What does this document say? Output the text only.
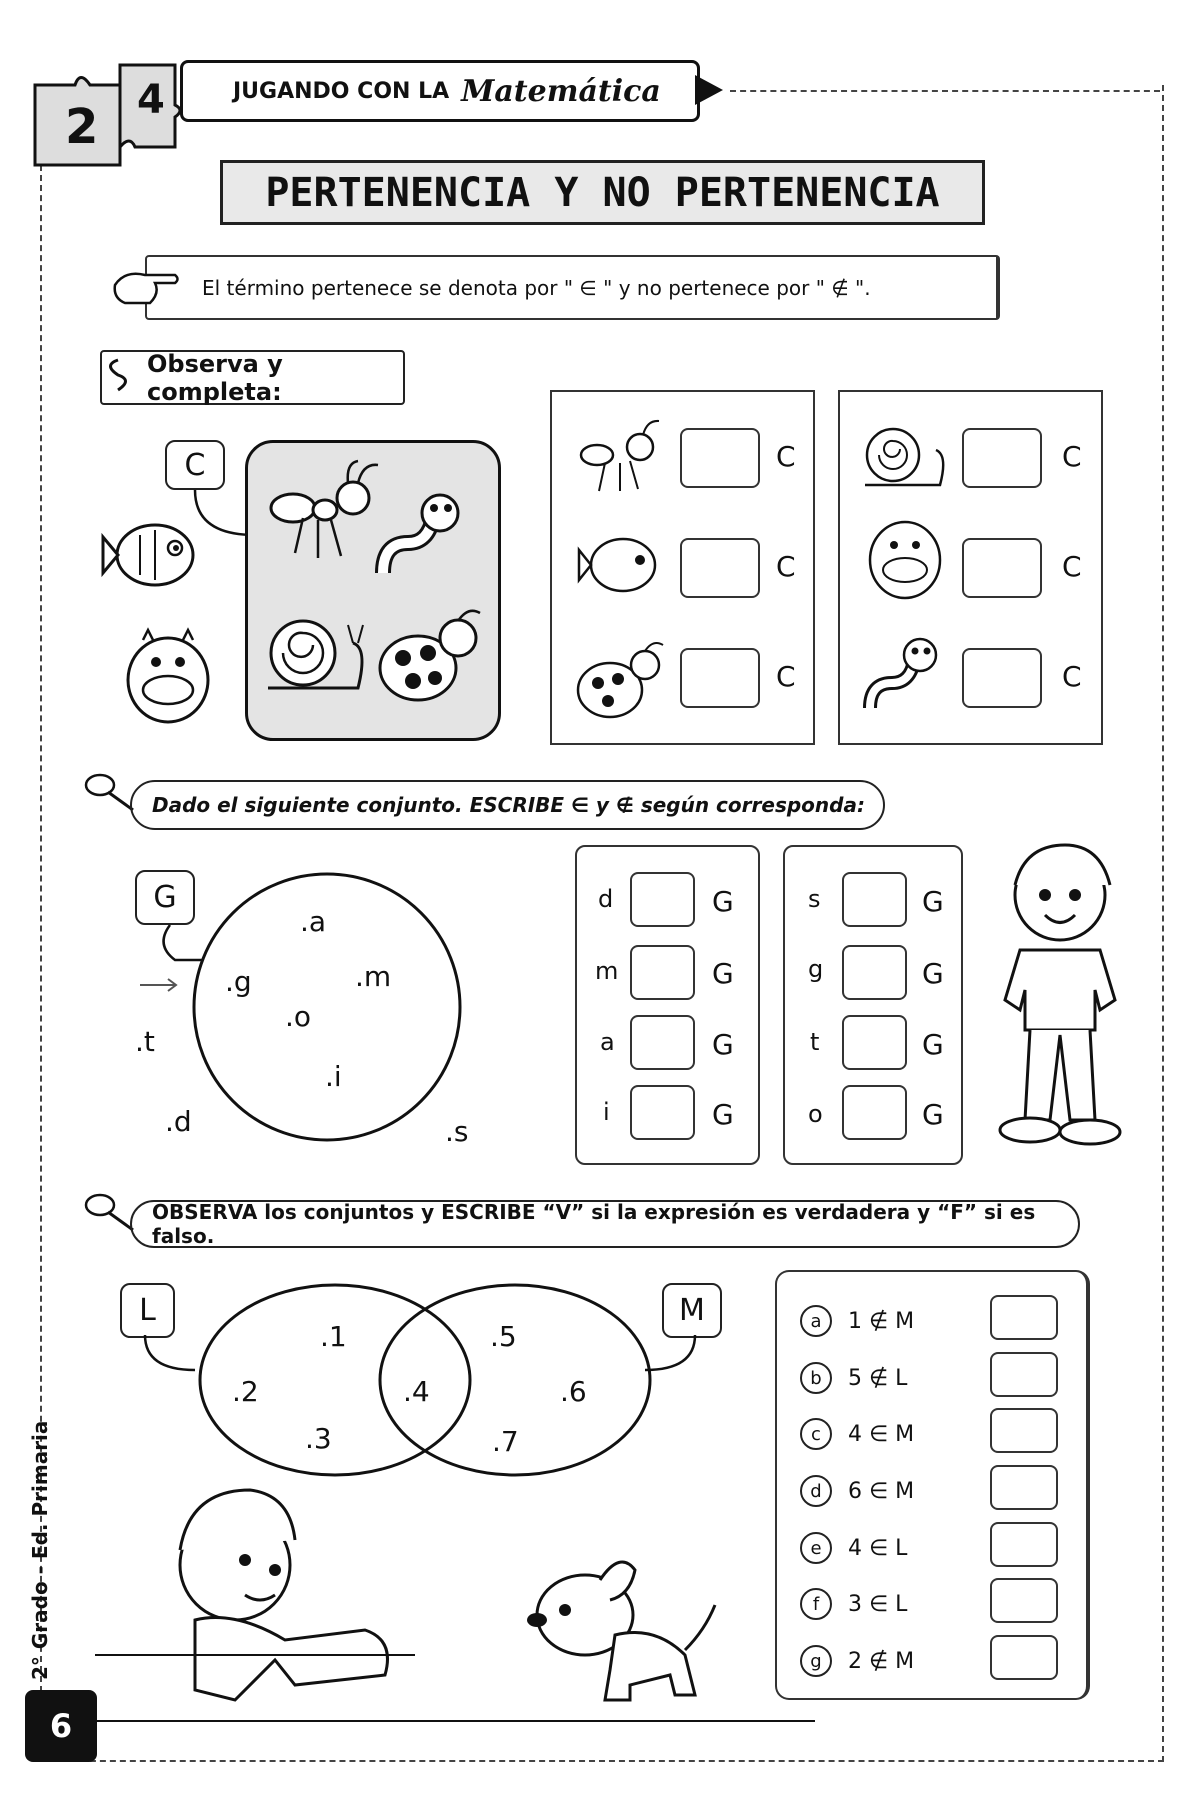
2 4	JUGANDO CON LA Matemática
PERTENENCIA Y NO PERTENENCIA
El término pertenece se denota por " ∈ " y no pertenece por " ∉ ".
Observa y completa:
C	C
C
C
C
C
C
Dado el siguiente conjunto. ESCRIBE ∈ y ∉ según corresponda:
G
.a
.g	.m
.o
.i
.t
.d	.s
d	G
m	G
a	G
i	G
s	G
g	G
t	G
o	G
OBSERVA los conjuntos y ESCRIBE “V” si la expresión es verdadera y “F” si es falso.
L	M
.1
.2
.3
.4
.5
.6
.7
a	1 ∉ M
b	5 ∉ L
c	4 ∈ M
d	6 ∈ M
e	4 ∈ L
f	3 ∈ L
g	2 ∉ M
2° Grado - Ed. Primaria
6
